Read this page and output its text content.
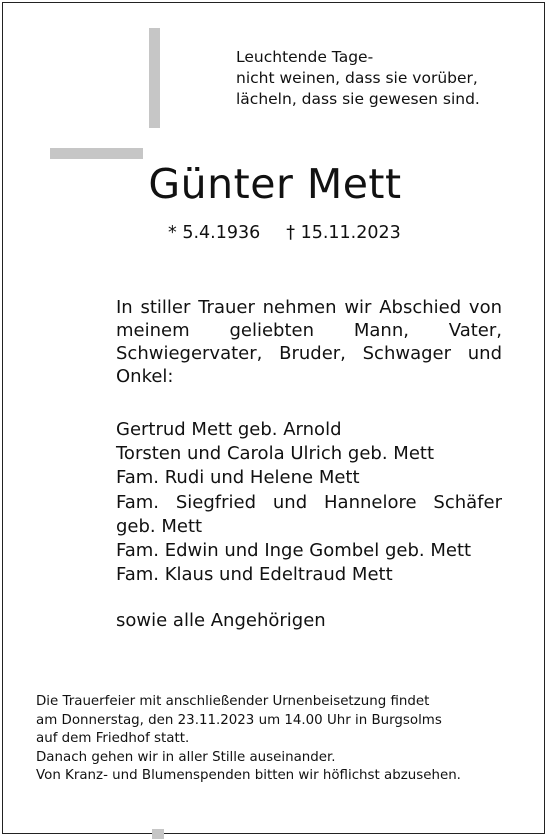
Leuchtende Tage-
nicht weinen, dass sie vorüber,
lächeln, dass sie gewesen sind.
Günter Mett
* 5.4.1936 † 15.11.2023
In stiller Trauer nehmen wir Abschied von meinem geliebten Mann, Vater, Schwiegervater, Bruder, Schwager und Onkel:
Gertrud Mett geb. Arnold
Torsten und Carola Ulrich geb. Mett
Fam. Rudi und Helene Mett
Fam. Siegfried und Hannelore Schäfer
geb. Mett
Fam. Edwin und Inge Gombel geb. Mett
Fam. Klaus und Edeltraud Mett
sowie alle Angehörigen
Die Trauerfeier mit anschließender Urnenbeisetzung findet
am Donnerstag, den 23.11.2023 um 14.00 Uhr in Burgsolms
auf dem Friedhof statt.
Danach gehen wir in aller Stille auseinander.
Von Kranz- und Blumenspenden bitten wir höflichst abzusehen.
